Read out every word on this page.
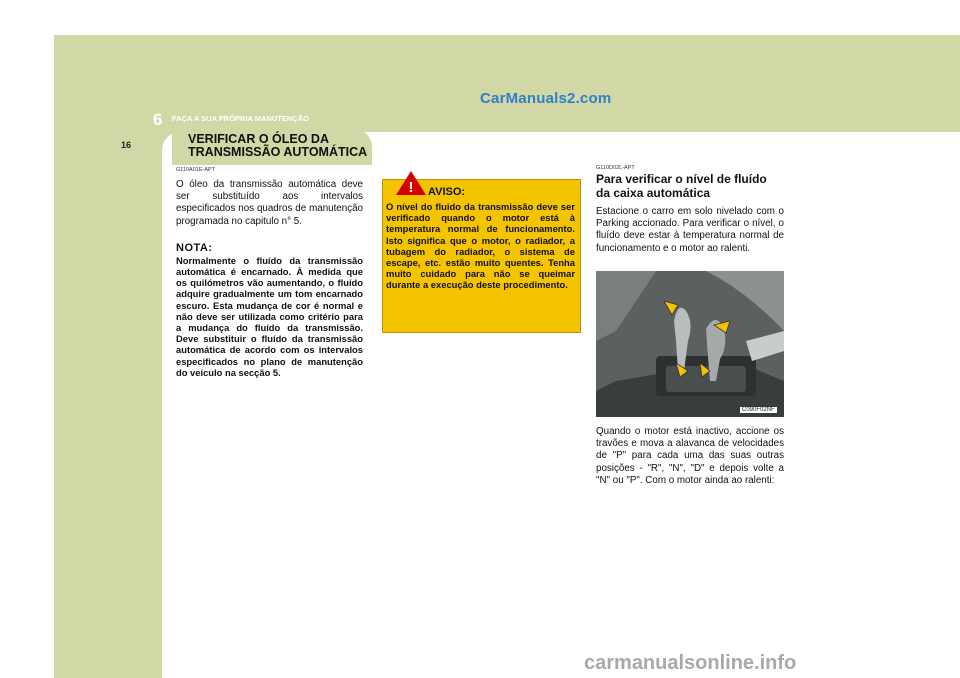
CarManuals2.com
6 FAÇA A SUA PRÓPRIA MANUTENÇÃO
16	VERIFICAR O ÓLEO DA TRANSMISSÃO AUTOMÁTICA
G110A01E-APT

O óleo da transmissão automática deve ser substituído aos intervalos especificados nos quadros de manutenção programada no capitulo n° 5.

NOTA:

Normalmente o fluído da transmissão automática é encarnado. À medida que os quilómetros vão aumentando, o fluído adquire gradualmente um tom encarnado escuro. Esta mudança de cor é normal e não deve ser utilizada como critério para a mudança do fluído da transmissão. Deve substituir o fluído da transmissão automática de acordo com os intervalos especificados no plano de manutenção do veículo na secção 5.

! AVISO:
O nível do fluido da transmissão deve ser verificado quando o motor está à temperatura normal de funcionamento. Isto significa que o motor, o radiador, a tubagem do radiador, o sistema de escape, etc. estão muito quentes. Tenha muito cuidado para não se queimar durante a execução deste procedimento.
G110D02L-APT

Para verificar o nível de fluído da caixa automática

Estacione o carro em solo nivelado com o Parking accionado. Para verificar o nível, o fluído deve estar à temperatura normal de funcionamento e o motor ao ralenti.

C090F02NF

Quando o motor está inactivo, accione os travões e mova a alavanca de velocidades de "P" para cada uma das suas outras posições - "R", "N", "D" e depois volte a "N" ou "P". Com o motor ainda ao ralenti:

carmanualsonline.info
